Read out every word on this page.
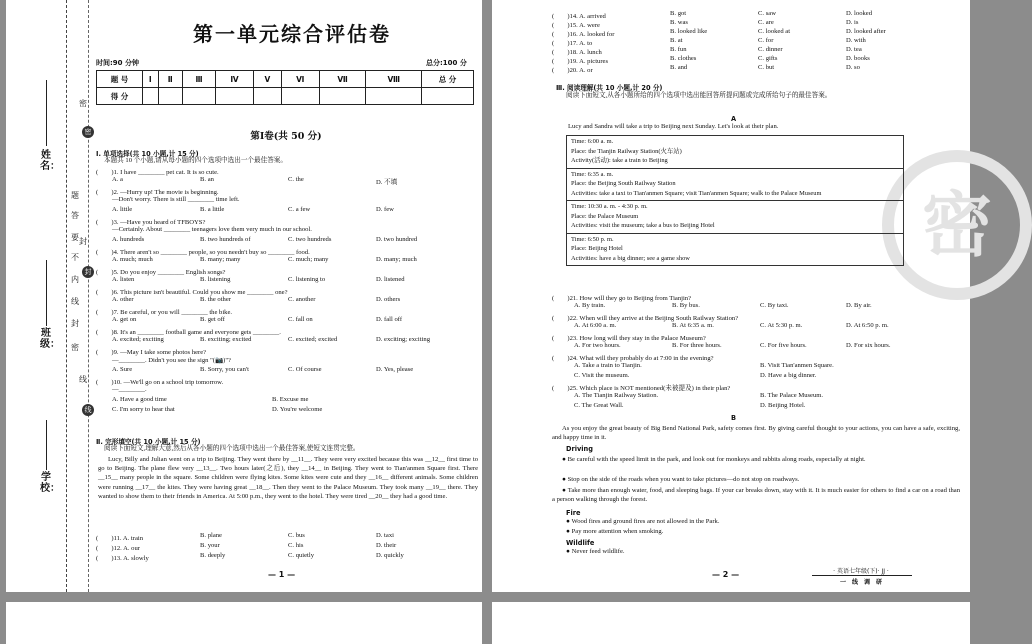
学校：
班级：
姓名：
密
封
线
内
不
要
答
题
密
封
线
密
封
线
第一单元综合评估卷
时间:90 分钟	总分:100 分
题 号	Ⅰ	Ⅱ	Ⅲ	Ⅳ	Ⅴ	Ⅵ	Ⅶ	Ⅷ	总 分
得 分									
第Ⅰ卷(共 50 分)
Ⅰ. 单项选择(共 10 小题,计 15 分)
本题共 10 个小题,请从每小题的四个选项中选出一个最佳答案。
Ⅱ. 完形填空(共 10 小题,计 15 分)
阅读下面短文,理解大意,然后从各小题的四个选项中选出一个最佳答案,使短文连贯完整。
Lucy, Billy and Julian went on a trip to Beijing. They went there by __11__. They were very excited because this was __12__ first time to go to Beijing. The plane flew very __13__. Two hours later(之后), they __14__ in Beijing. They went to Tian'anmen Square first. There __15__ many people in the square. Some children were flying kites. Some kites were cute and they __16__ different animals. Some children were running __17__ the kites. They were having great __18__. Then they went to the Palace Museum. They took many __19__ there. They wanted to show them to their friends in America. At 5:00 p.m., they went to the hotel. They were tired __20__ they had a good time.
— 1 —
(　　)1. I have ________ pet cat. It is so cute.
A. a	B. an	C. the	D. 不填
(　　)2. —Hurry up! The movie is beginning.
—Don't worry. There is still ________ time left.
A. little	B. a little	C. a few	D. few
(　　)3. —Have you heard of TFBOYS?
—Certainly. About ________ teenagers love them very much in our school.
A. hundreds	B. two hundreds of	C. two hundreds	D. two hundred
(　　)4. There aren't so ________ people, so you needn't buy so ________ food.
A. much; much	B. many; many	C. much; many	D. many; much
(　　)5. Do you enjoy ________ English songs?
A. listen	B. listening	C. listening to	D. listened
(　　)6. This picture isn't beautiful. Could you show me ________ one?
A. other	B. the other	C. another	D. others
(　　)7. Be careful, or you will ________ the bike.
A. get on	B. get off	C. fall on	D. fall off
(　　)8. It's an ________ football game and everyone gets ________.
A. excited; exciting	B. exciting; excited	C. excited; excited	D. exciting; exciting
(　　)9. —May I take some photos here?
—________. Didn't you see the sign "(📷)"?
A. Sure	B. Sorry, you can't	C. Of course	D. Yes, please
(　　)10. —We'll go on a school trip tomorrow.
—________.
A. Have a good time	B. Excuse me
C. I'm sorry to hear that	D. You're welcome
(　　)11. A. train	B. plane	C. bus	D. taxi
(　　)12. A. our	B. your	C. his	D. their
(　　)13. A. slowly	B. deeply	C. quietly	D. quickly
密
Ⅲ. 阅读理解(共 10 小题,计 20 分)
阅读下面短文,从各小题所给的四个选项中选出能回答所提问题或完成所给句子的最佳答案。
A
Lucy and Sandra will take a trip to Beijing next Sunday. Let's look at their plan.
Time: 6:00 a. m.
Place: the Tianjin Railway Station(火车站)
Activity(活动): take a train to Beijing
Time: 6:35 a. m.
Place: the Beijing South Railway Station
Activities: take a taxi to Tian'anmen Square; visit Tian'anmen Square; walk to the Palace Museum
Time: 10:30 a. m. - 4:30 p. m.
Place: the Palace Museum
Activities: visit the museum; take a bus to Beijing Hotel
Time: 6:50 p. m.
Place: Beijing Hotel
Activities: have a big dinner; see a game show
B
As you enjoy the great beauty of Big Bend National Park, safety comes first. By giving careful thought to your actions, you can have a safe, exciting, and happy time in it.
Driving
● Be careful with the speed limit in the park, and look out for monkeys and rabbits along roads, especially at night.
● Stop on the side of the roads when you want to take pictures—do not stop on roadways.
● Take more than enough water, food, and sleeping bags. If your car breaks down, stay with it. It is much easier for others to find a car on a road than a person walking through the forest.
Fire
● Wood fires and ground fires are not allowed in the Park.
● Pay more attention when smoking.
Wildlife
● Never feed wildlife.
— 2 —	· 英语七年级(下)· JJ ·
一　线　调　研
(　　)14. A. arrived	B. got	C. saw	D. looked
(　　)15. A. were	B. was	C. are	D. is
(　　)16. A. looked for	B. looked like	C. looked at	D. looked after
(　　)17. A. to	B. at	C. for	D. with
(　　)18. A. lunch	B. fun	C. dinner	D. tea
(　　)19. A. pictures	B. clothes	C. gifts	D. books
(　　)20. A. or	B. and	C. but	D. so
(　　)21. How will they go to Beijing from Tianjin?
A. By train.	B. By bus.	C. By taxi.	D. By air.
(　　)22. When will they arrive at the Beijing South Railway Station?
A. At 6:00 a. m.	B. At 6:35 a. m.	C. At 5:30 p. m.	D. At 6:50 p. m.
(　　)23. How long will they stay in the Palace Museum?
A. For two hours.	B. For three hours.	C. For five hours.	D. For six hours.
(　　)24. What will they probably do at 7:00 in the evening?
A. Take a train to Tianjin.	B. Visit Tian'anmen Square.
C. Visit the museum.	D. Have a big dinner.
(　　)25. Which place is NOT mentioned(未被提及) in their plan?
A. The Tianjin Railway Station.	B. The Palace Museum.
C. The Great Wall.	D. Beijing Hotel.
